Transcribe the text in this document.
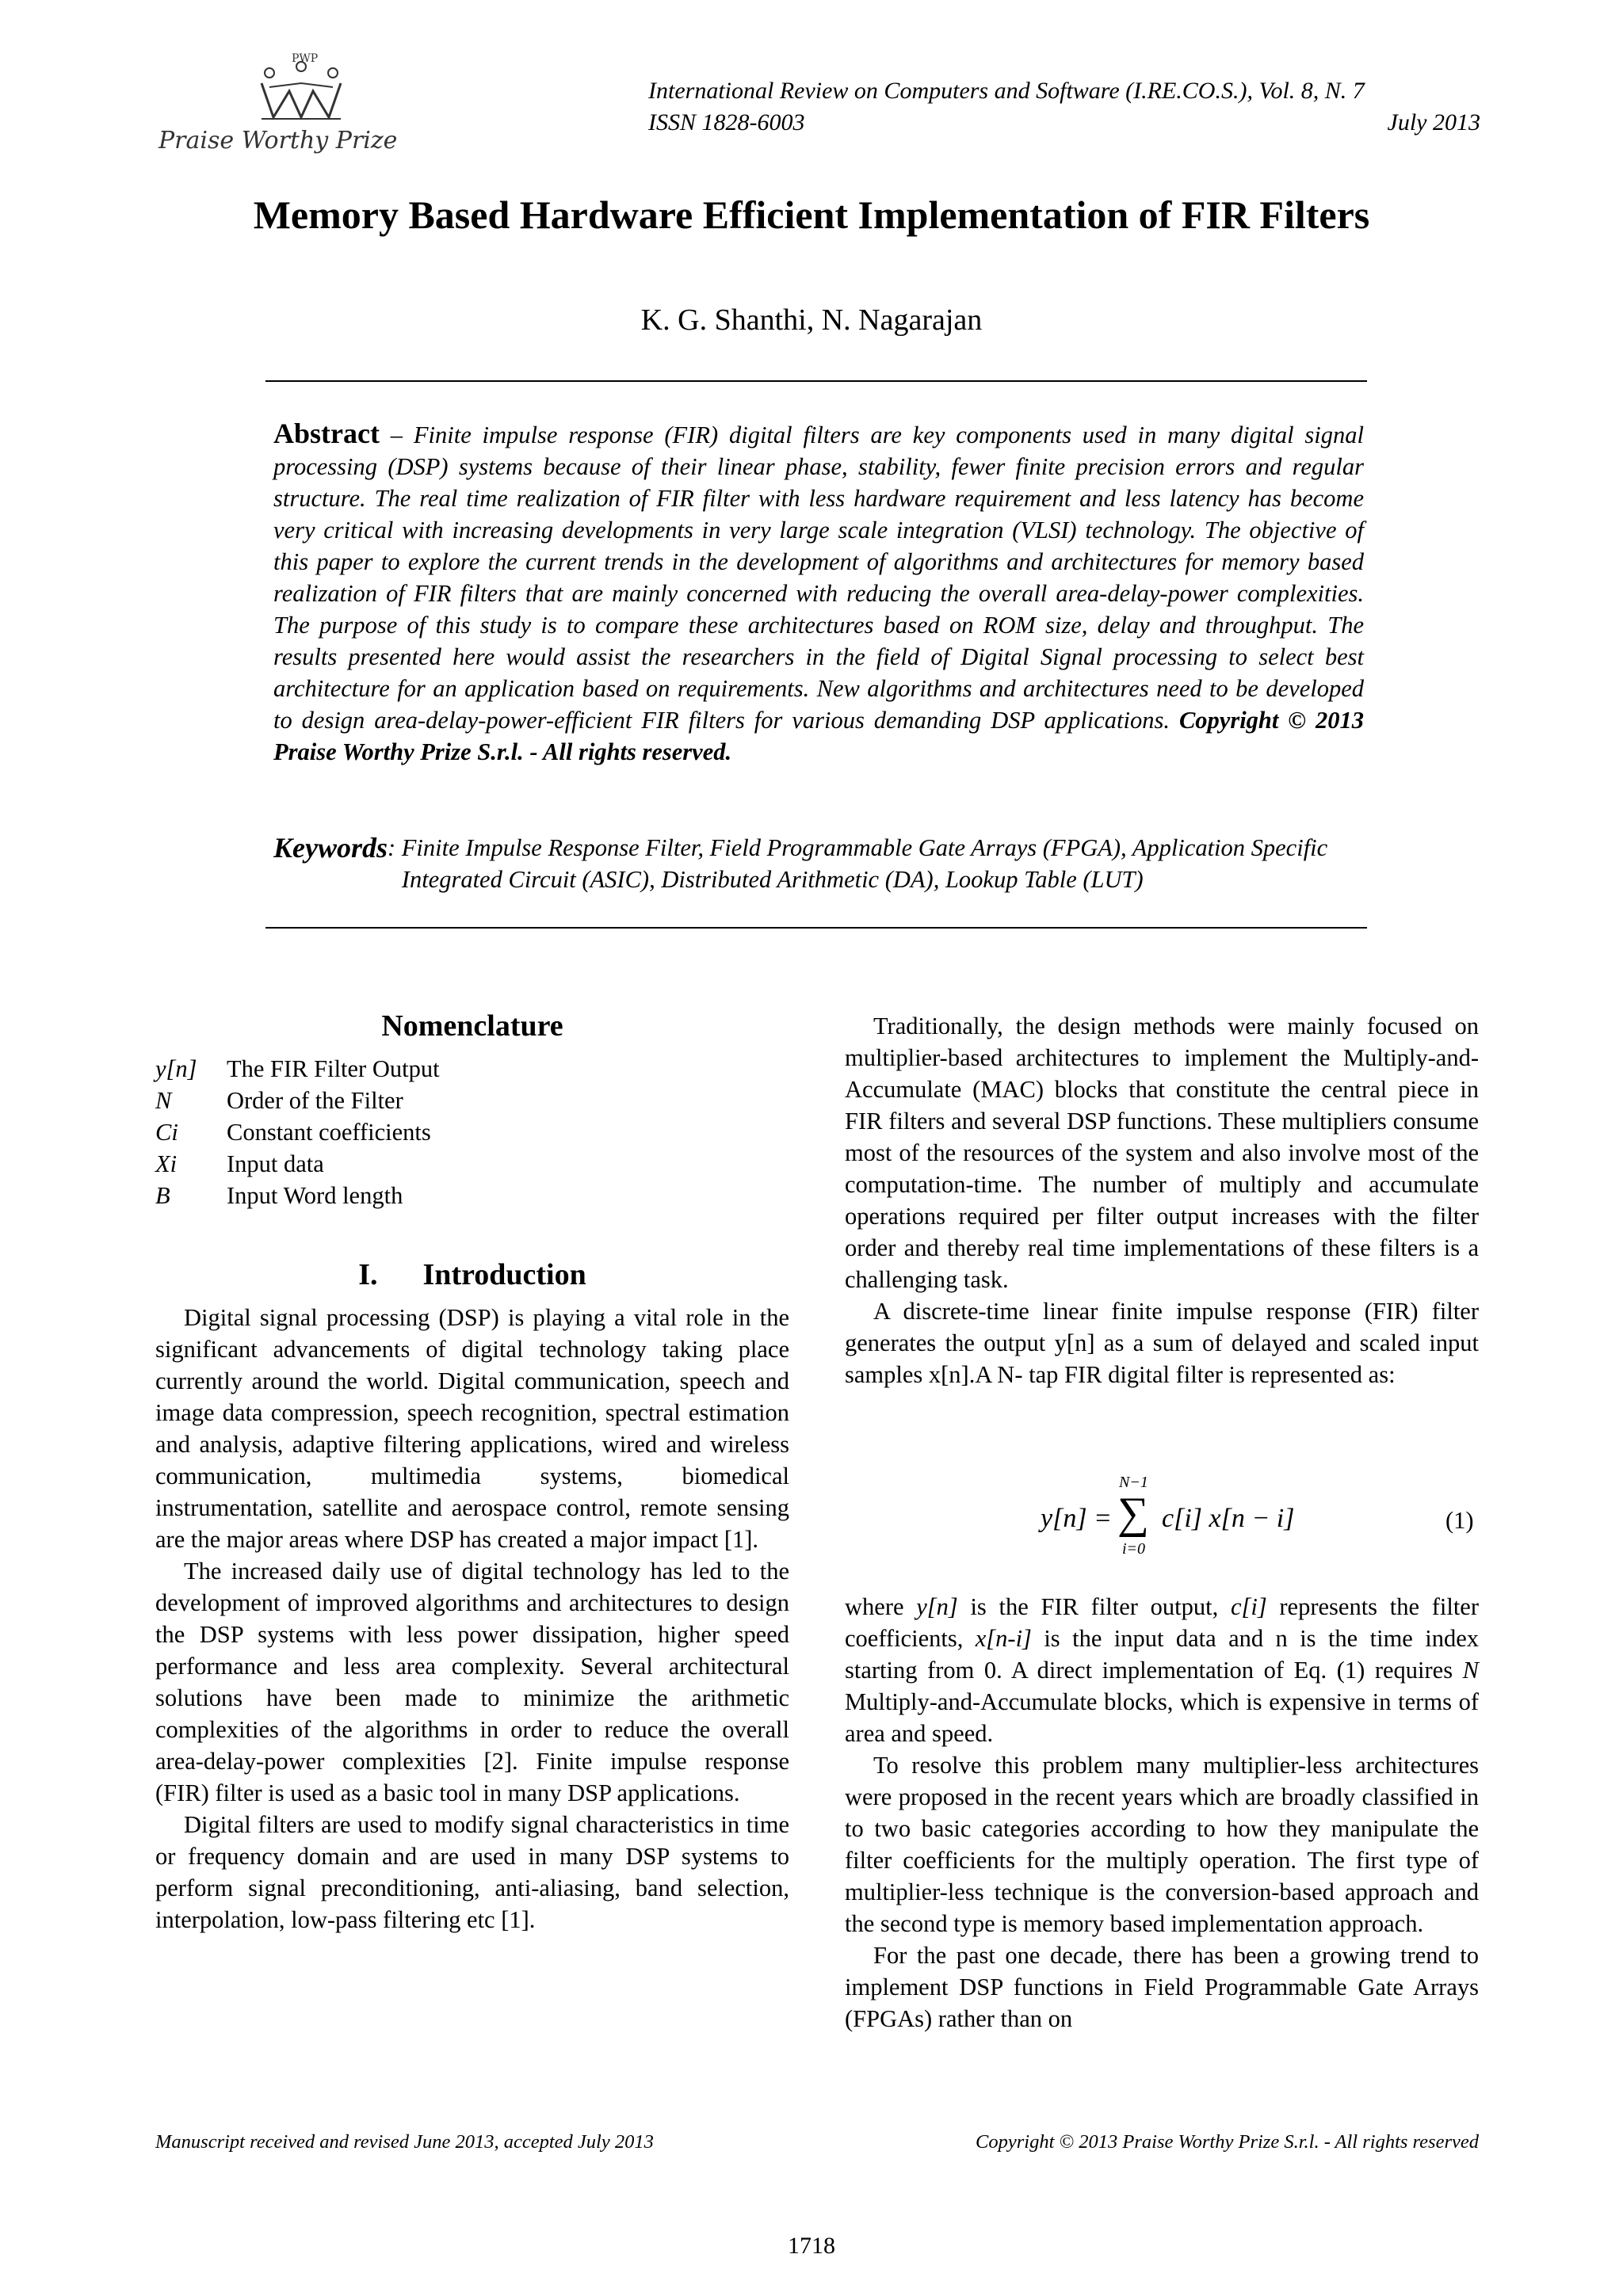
PWP
Praise Worthy Prize
International Review on Computers and Software (I.RE.CO.S.), Vol. 8, N. 7
ISSN 1828-6003	July 2013
Memory Based Hardware Efficient Implementation of FIR Filters
K. G. Shanthi, N. Nagarajan
Abstract – Finite impulse response (FIR) digital filters are key components used in many digital signal processing (DSP) systems because of their linear phase, stability, fewer finite precision errors and regular structure. The real time realization of FIR filter with less hardware requirement and less latency has become very critical with increasing developments in very large scale integration (VLSI) technology. The objective of this paper to explore the current trends in the development of algorithms and architectures for memory based realization of FIR filters that are mainly concerned with reducing the overall area-delay-power complexities. The purpose of this study is to compare these architectures based on ROM size, delay and throughput. The results presented here would assist the researchers in the field of Digital Signal processing to select best architecture for an application based on requirements. New algorithms and architectures need to be developed to design area-delay-power-efficient FIR filters for various demanding DSP applications. Copyright © 2013 Praise Worthy Prize S.r.l. - All rights reserved.
Keywords : Finite Impulse Response Filter, Field Programmable Gate Arrays (FPGA), Application Specific Integrated Circuit (ASIC), Distributed Arithmetic (DA), Lookup Table (LUT)
Nomenclature
y[n]	The FIR Filter Output
N	Order of the Filter
Ci	Constant coefficients
Xi	Input data
B	Input Word length
I. Introduction

Digital signal processing (DSP) is playing a vital role in the significant advancements of digital technology taking place currently around the world. Digital communication, speech and image data compression, speech recognition, spectral estimation and analysis, adaptive filtering applications, wired and wireless communication, multimedia systems, biomedical instrumentation, satellite and aerospace control, remote sensing are the major areas where DSP has created a major impact [1].

The increased daily use of digital technology has led to the development of improved algorithms and architectures to design the DSP systems with less power dissipation, higher speed performance and less area complexity. Several architectural solutions have been made to minimize the arithmetic complexities of the algorithms in order to reduce the overall area-delay-power complexities [2]. Finite impulse response (FIR) filter is used as a basic tool in many DSP applications.

Digital filters are used to modify signal characteristics in time or frequency domain and are used in many DSP systems to perform signal preconditioning, anti-aliasing, band selection, interpolation, low-pass filtering etc [1].

Traditionally, the design methods were mainly focused on multiplier-based architectures to implement the Multiply-and-Accumulate (MAC) blocks that constitute the central piece in FIR filters and several DSP functions. These multipliers consume most of the resources of the system and also involve most of the computation-time. The number of multiply and accumulate operations required per filter output increases with the filter order and thereby real time implementations of these filters is a challenging task.

A discrete-time linear finite impulse response (FIR) filter generates the output y[n] as a sum of delayed and scaled input samples x[n].A N- tap FIR digital filter is represented as:

y[n] =
N−1
∑
i=0
c[i] x[n − i]	(1)

where y[n] is the FIR filter output, c[i] represents the filter coefficients, x[n-i] is the input data and n is the time index starting from 0. A direct implementation of Eq. (1) requires N Multiply-and-Accumulate blocks, which is expensive in terms of area and speed.

To resolve this problem many multiplier-less architectures were proposed in the recent years which are broadly classified in to two basic categories according to how they manipulate the filter coefficients for the multiply operation. The first type of multiplier-less technique is the conversion-based approach and the second type is memory based implementation approach.

For the past one decade, there has been a growing trend to implement DSP functions in Field Programmable Gate Arrays (FPGAs) rather than on

Manuscript received and revised June 2013, accepted July 2013	Copyright © 2013 Praise Worthy Prize S.r.l. - All rights reserved
1718
